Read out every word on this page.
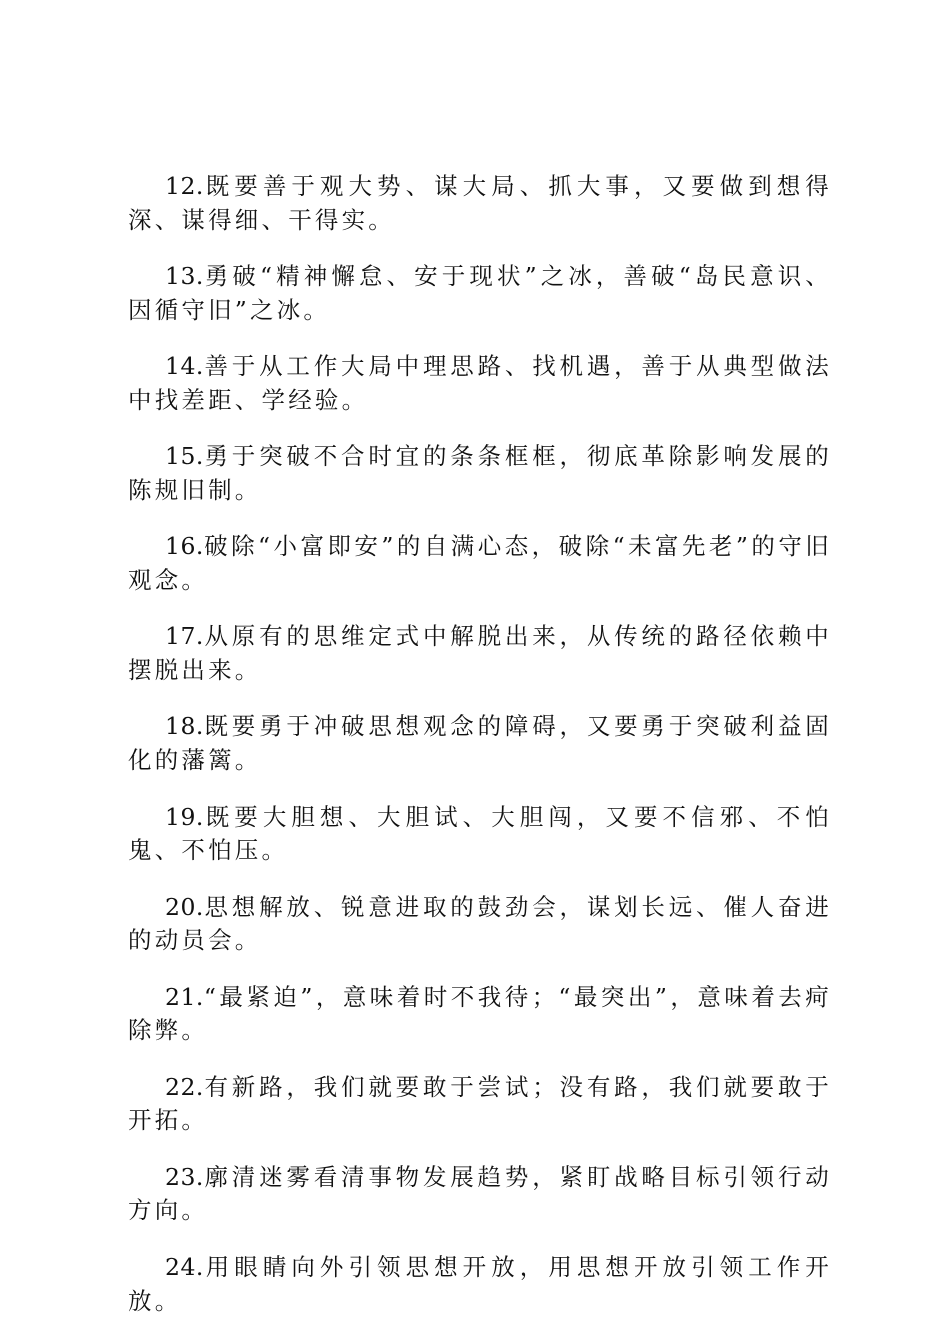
12.既要善于观大势、谋大局、抓大事，又要做到想得深、谋得细、干得实。

13.勇破“精神懈怠、安于现状”之冰，善破“岛民意识、因循守旧”之冰。

14.善于从工作大局中理思路、找机遇，善于从典型做法中找差距、学经验。

15.勇于突破不合时宜的条条框框，彻底革除影响发展的陈规旧制。

16.破除“小富即安”的自满心态，破除“未富先老”的守旧观念。

17.从原有的思维定式中解脱出来，从传统的路径依赖中摆脱出来。

18.既要勇于冲破思想观念的障碍，又要勇于突破利益固化的藩篱。

19.既要大胆想、大胆试、大胆闯，又要不信邪、不怕鬼、不怕压。

20.思想解放、锐意进取的鼓劲会，谋划长远、催人奋进的动员会。

21.“最紧迫”，意味着时不我待；“最突出”，意味着去疴除弊。

22.有新路，我们就要敢于尝试；没有路，我们就要敢于开拓。

23.廓清迷雾看清事物发展趋势，紧盯战略目标引领行动方向。

24.用眼睛向外引领思想开放，用思想开放引领工作开放。
